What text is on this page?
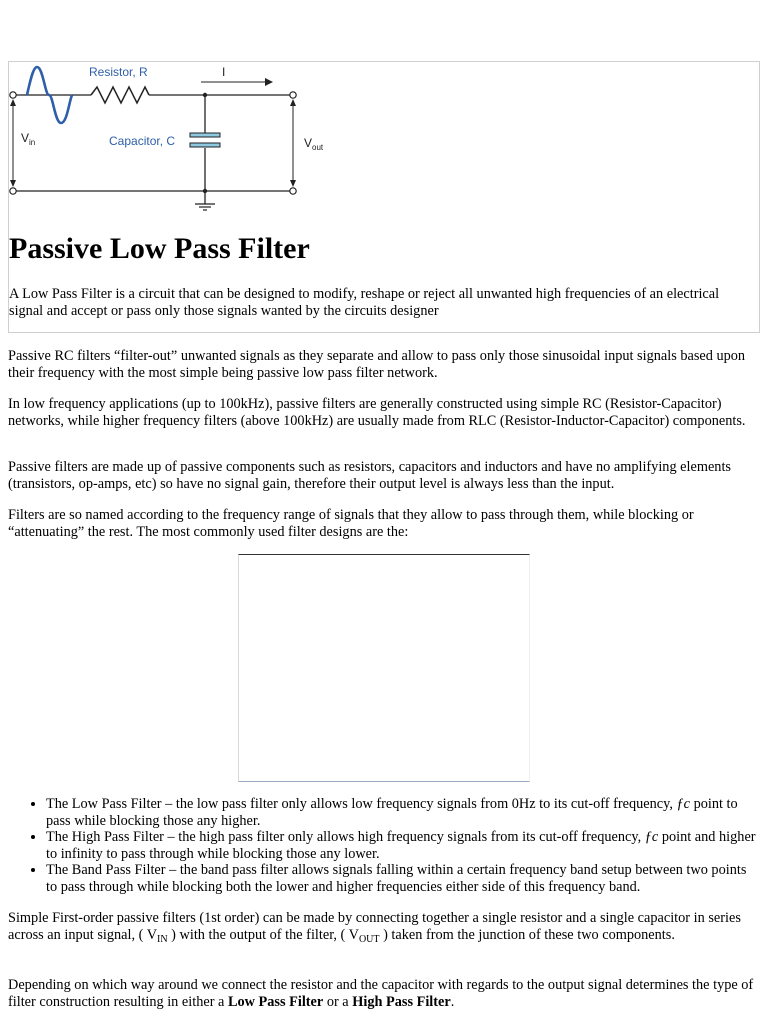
Resistor, R	I
Capacitor, C
$V_{in}$	$V_{out}$
Passive Low Pass Filter

A Low Pass Filter is a circuit that can be designed to modify, reshape or reject all unwanted high frequencies of an electrical signal and accept or pass only those signals wanted by the circuits designer

Passive RC filters “filter-out” unwanted signals as they separate and allow to pass only those sinusoidal input signals based upon their frequency with the most simple being passive low pass filter network.

In low frequency applications (up to 100kHz), passive filters are generally constructed using simple RC (Resistor-Capacitor) networks, while higher frequency filters (above 100kHz) are usually made from RLC (Resistor-Inductor-Capacitor) components.

Passive filters are made up of passive components such as resistors, capacitors and inductors and have no amplifying elements (transistors, op-amps, etc) so have no signal gain, therefore their output level is always less than the input.

Filters are so named according to the frequency range of signals that they allow to pass through them, while blocking or “attenuating” the rest. The most commonly used filter designs are the:

• The Low Pass Filter – the low pass filter only allows low frequency signals from 0Hz to its cut-off frequency, ƒc point to pass while blocking those any higher.
• The High Pass Filter – the high pass filter only allows high frequency signals from its cut-off frequency, ƒc point and higher to infinity to pass through while blocking those any lower.
• The Band Pass Filter – the band pass filter allows signals falling within a certain frequency band setup between two points to pass through while blocking both the lower and higher frequencies either side of this frequency band.

Simple First-order passive filters (1st order) can be made by connecting together a single resistor and a single capacitor in series across an input signal, ( $V_{IN}$ ) with the output of the filter, ( $V_{OUT}$ ) taken from the junction of these two components.

Depending on which way around we connect the resistor and the capacitor with regards to the output signal determines the type of filter construction resulting in either a Low Pass Filter or a High Pass Filter.
